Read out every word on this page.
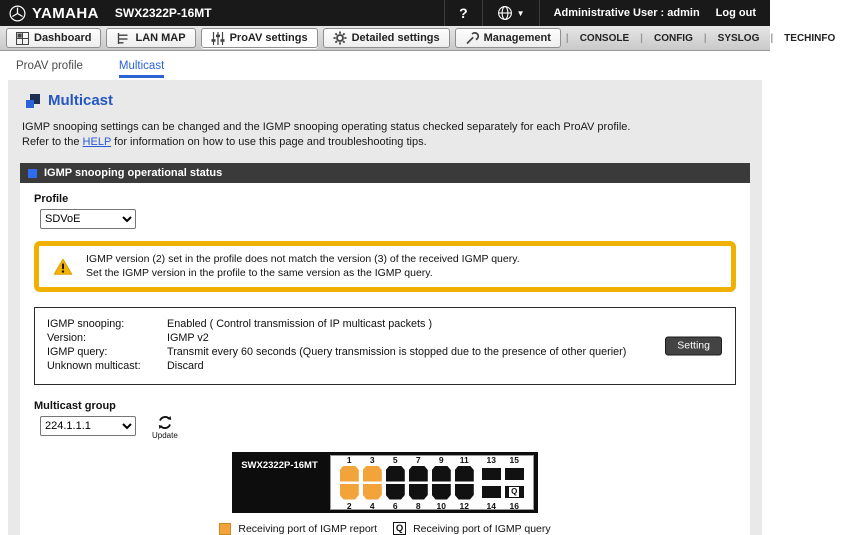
YAMAHA SWX2322P-16MT	?	▼	Administrative User : admin	Log out
Dashboard	LAN MAP	ProAV settings	Detailed settings	Management |	CONSOLE	|	CONFIG	|	SYSLOG	|	TECHINFO
ProAV profile	Multicast
Multicast

IGMP snooping settings can be changed and the IGMP snooping operating status checked separately for each ProAV profile.
Refer to the HELP for information on how to use this page and troubleshooting tips.

IGMP snooping operational status
Profile
SDVoE
IGMP version (2) set in the profile does not match the version (3) of the received IGMP query.
Set the IGMP version in the profile to the same version as the IGMP query.
IGMP snooping:	Enabled ( Control transmission of IP multicast packets )
Version:	IGMP v2
IGMP query:	Transmit every 60 seconds (Query transmission is stopped due to the presence of other querier)
Unknown multicast:	Discard
Setting
Multicast group
224.1.1.1
Update
SWX2322P-16MT
1
2
3
4
5
6
7
8
9
10
11
12
13
14
15
Q
16
Receiving port of IGMP report Q Receiving port of IGMP query
